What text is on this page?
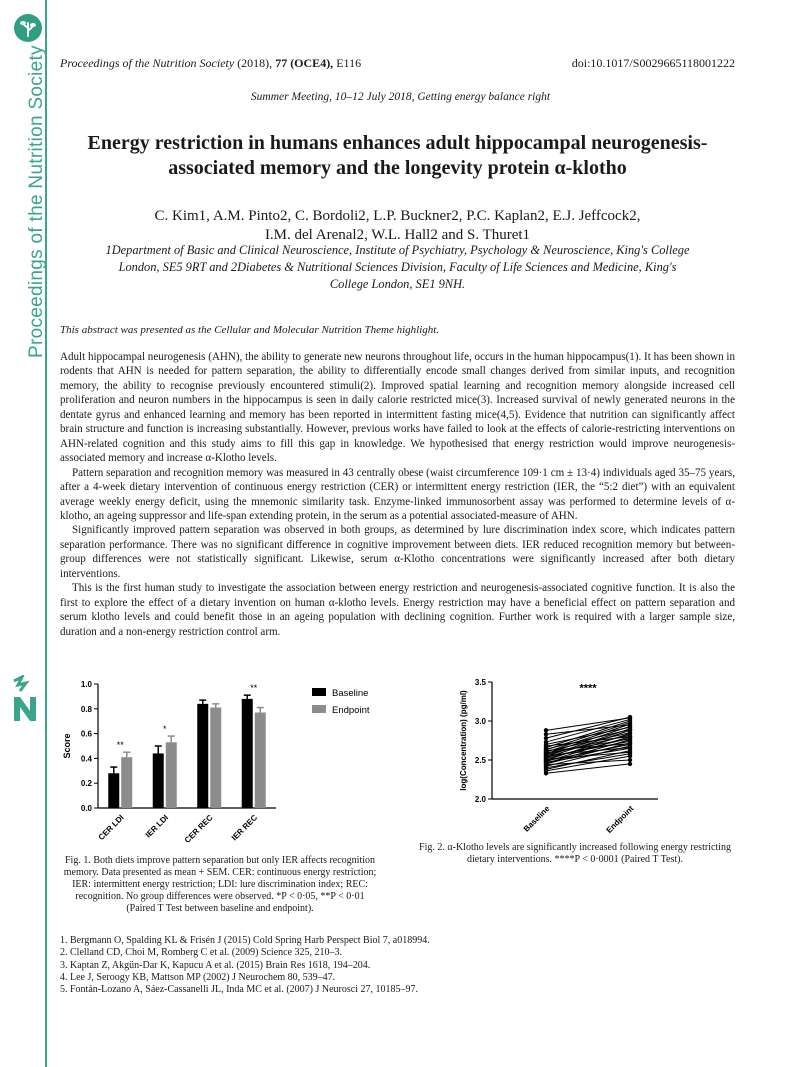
Proceedings of the Nutrition Society Proceedings of the Nutrition Society (2018), 77 (OCE4), E116	doi:10.1017/S0029665118001222
Summer Meeting, 10–12 July 2018, Getting energy balance right
Energy restriction in humans enhances adult hippocampal neurogenesis-
associated memory and the longevity protein α-klotho
C. Kim1, A.M. Pinto2, C. Bordoli2, L.P. Buckner2, P.C. Kaplan2, E.J. Jeffcock2,
I.M. del Arenal2, W.L. Hall2 and S. Thuret1
1Department of Basic and Clinical Neuroscience, Institute of Psychiatry, Psychology & Neuroscience, King's College
London, SE5 9RT and 2Diabetes & Nutritional Sciences Division, Faculty of Life Sciences and Medicine, King's
College London, SE1 9NH.
This abstract was presented as the Cellular and Molecular Nutrition Theme highlight.

Adult hippocampal neurogenesis (AHN), the ability to generate new neurons throughout life, occurs in the human hippocampus(1). It has been shown in rodents that AHN is needed for pattern separation, the ability to differentially encode small changes derived from similar inputs, and recognition memory, the ability to recognise previously encountered stimuli(2). Improved spatial learning and recognition memory alongside increased cell proliferation and neuron numbers in the hippocampus is seen in daily calorie restricted mice(3). Increased survival of newly generated neurons in the dentate gyrus and enhanced learning and memory has been reported in intermittent fasting mice(4,5). Evidence that nutrition can significantly affect brain structure and function is increasing substantially. However, previous works have failed to look at the effects of calorie-restricting interventions on AHN-related cognition and this study aims to fill this gap in knowledge. We hypothesised that energy restriction would improve neurogenesis-associated memory and increase α-Klotho levels.

Pattern separation and recognition memory was measured in 43 centrally obese (waist circumference 109·1 cm ± 13·4) individuals aged 35–75 years, after a 4-week dietary intervention of continuous energy restriction (CER) or intermittent energy restriction (IER, the “5:2 diet”) with an equivalent average weekly energy deficit, using the mnemonic similarity task. Enzyme-linked immunosorbent assay was performed to determine levels of α-klotho, an ageing suppressor and life-span extending protein, in the serum as a potential associated-measure of AHN.

Significantly improved pattern separation was observed in both groups, as determined by lure discrimination index score, which indicates pattern separation performance. There was no significant difference in cognitive improvement between diets. IER reduced recognition memory but between-group differences were not statistically significant. Likewise, serum α-Klotho concentrations were significantly increased after both dietary interventions.

This is the first human study to investigate the association between energy restriction and neurogenesis-associated cognitive function. It is also the first to explore the effect of a dietary invention on human α-klotho levels. Energy restriction may have a beneficial effect on pattern separation and serum klotho levels and could benefit those in an ageing population with declining cognition. Further work is required with a larger sample size, duration and a non-energy restriction control arm.

0.0
0.2
0.4
0.6
0.8
1.0
Score	**
CER LDI
*
IER LDI CER REC
**
IER REC
Baseline
Endpoint
2.0
2.5
3.0
3.5
log(Concentration) (pg/ml)
****
Baseline	Endpoint
Fig. 1. Both diets improve pattern separation but only IER affects recognition memory. Data presented as mean + SEM. CER: continuous energy restriction; IER: intermittent energy restriction; LDI: lure discrimination index; REC: recognition. No group differences were observed. *P < 0·05, **P < 0·01 (Paired T Test between baseline and endpoint).
Fig. 2. α-Klotho levels are significantly increased following energy restricting dietary interventions. ****P < 0·0001 (Paired T Test).
1. Bergmann O, Spalding KL & Frisén J (2015) Cold Spring Harb Perspect Biol 7, a018994.
2. Clelland CD, Choi M, Romberg C et al. (2009) Science 325, 210–3.
3. Kaptan Z, Akgün-Dar K, Kapucu A et al. (2015) Brain Res 1618, 194–204.
4. Lee J, Seroogy KB, Mattson MP (2002) J Neurochem 80, 539–47.
5. Fontán-Lozano A, Sáez-Cassanelli JL, Inda MC et al. (2007) J Neurosci 27, 10185–97.
